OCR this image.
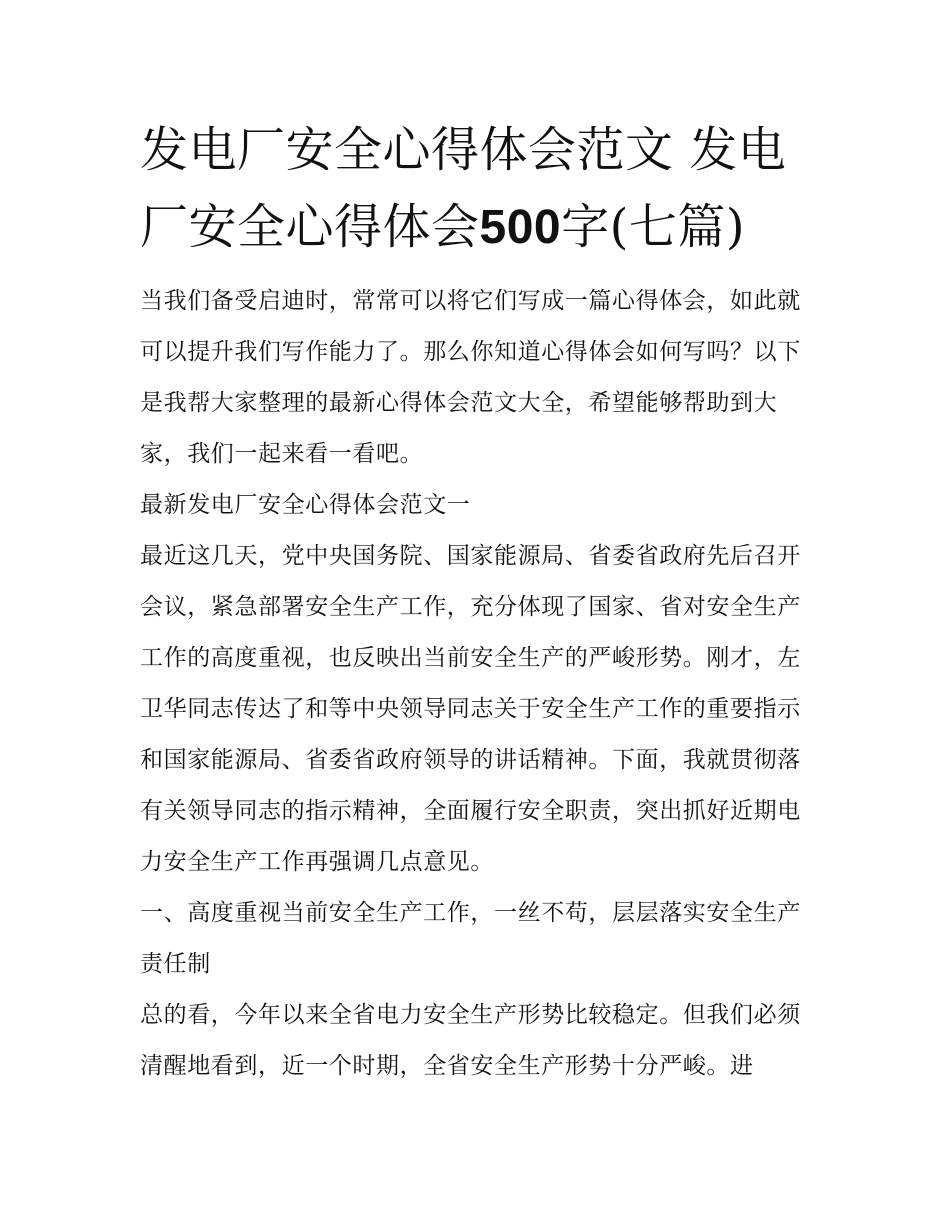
发电厂安全心得体会范文 发电厂安全心得体会500字(七篇)

当我们备受启迪时，常常可以将它们写成一篇心得体会，如此就可以提升我们写作能力了。那么你知道心得体会如何写吗？以下是我帮大家整理的最新心得体会范文大全，希望能够帮助到大家，我们一起来看一看吧。

最新发电厂安全心得体会范文一

最近这几天，党中央国务院、国家能源局、省委省政府先后召开会议，紧急部署安全生产工作，充分体现了国家、省对安全生产工作的高度重视，也反映出当前安全生产的严峻形势。刚才，左卫华同志传达了和等中央领导同志关于安全生产工作的重要指示和国家能源局、省委省政府领导的讲话精神。下面，我就贯彻落有关领导同志的指示精神，全面履行安全职责，突出抓好近期电力安全生产工作再强调几点意见。

一、高度重视当前安全生产工作，一丝不苟，层层落实安全生产责任制

总的看，今年以来全省电力安全生产形势比较稳定。但我们必须清醒地看到，近一个时期，全省安全生产形势十分严峻。进
